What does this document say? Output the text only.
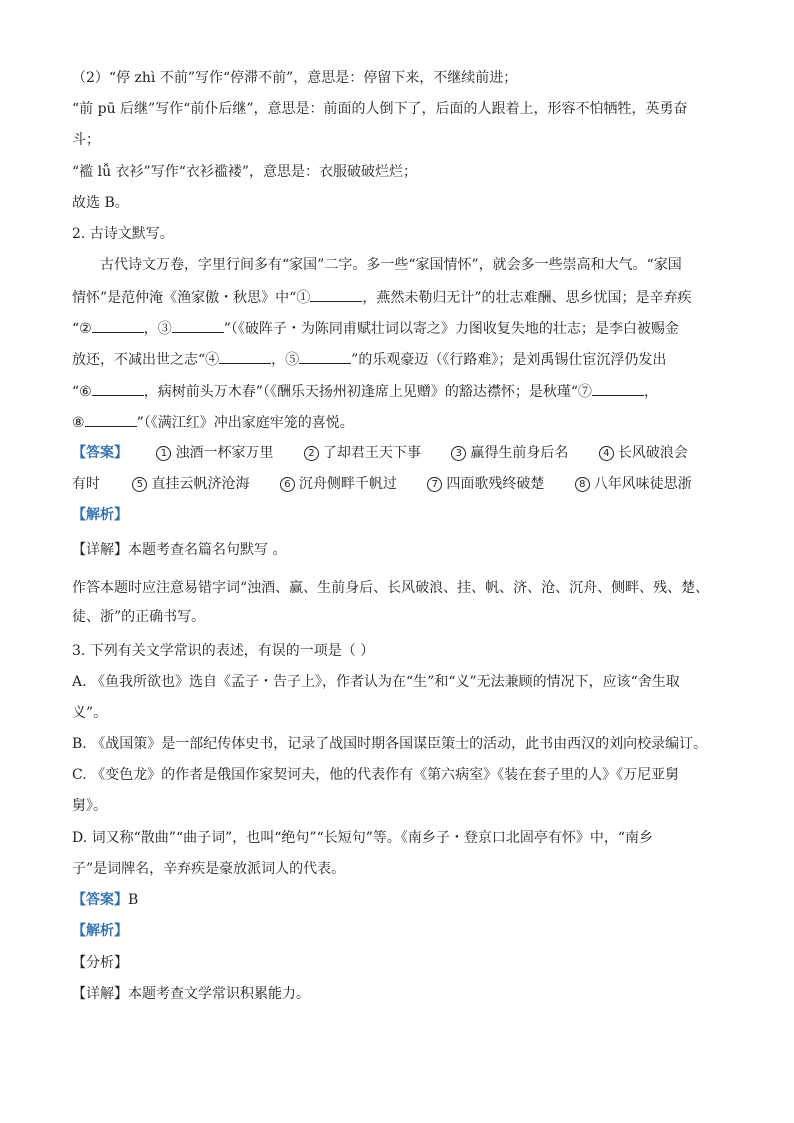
（2）“停 zhì 不前”写作“停滞不前”，意思是：停留下来，不继续前进；
“前 pū 后继”写作“前仆后继”，意思是：前面的人倒下了，后面的人跟着上，形容不怕牺牲，英勇奋
斗；
“褴 lǚ 衣衫”写作“衣衫褴褛”，意思是：衣服破破烂烂；
故选 B。
2. 古诗文默写。
古代诗文万卷，字里行间多有“家国”二字。多一些“家国情怀”，就会多一些崇高和大气。“家国
情怀”是范仲淹《渔家傲・秋思》中“①	，燕然未勒归无计”的壮志难酬、思乡忧国；是辛弃疾
“②	，③	”（《破阵子・为陈同甫赋壮词以寄之》力图收复失地的壮志；是李白被赐金
放还，不减出世之志“④	，⑤	”的乐观豪迈（《行路难》；是刘禹锡仕宦沉浮仍发出
“⑥	，病树前头万木春”（《酬乐天扬州初逢席上见赠》的豁达襟怀；是秋瑾“⑦	，
⑧	”（《满江红》冲出家庭牢笼的喜悦。
【答案】	1 浊酒一杯家万里	2 了却君王天下事	3 赢得生前身后名	4 长风破浪会
有时	5 直挂云帆济沧海	6 沉舟侧畔千帆过	7 四面歌残终破楚	8 八年风味徒思浙
【解析】
【详解】本题考查名篇名句默写 。
作答本题时应注意易错字词“浊酒、赢、生前身后、长风破浪、挂、帆、济、沧、沉舟、侧畔、残、楚、
徒、浙”的正确书写。
3. 下列有关文学常识的表述，有误的一项是（ ）
A. 《鱼我所欲也》选自《孟子・告子上》，作者认为在“生”和“义”无法兼顾的情况下，应该“舍生取
义”。
B. 《战国策》是一部纪传体史书，记录了战国时期各国谋臣策士的活动，此书由西汉的刘向校录编订。
C. 《变色龙》的作者是俄国作家契诃夫，他的代表作有《第六病室》《装在套子里的人》《万尼亚舅
舅》。
D. 词又称“散曲”“曲子词”，也叫“绝句”“长短句”等。《南乡子・登京口北固亭有怀》中，“南乡
子”是词牌名，辛弃疾是豪放派词人的代表。
【答案】B
【解析】
【分析】
【详解】本题考查文学常识积累能力。
